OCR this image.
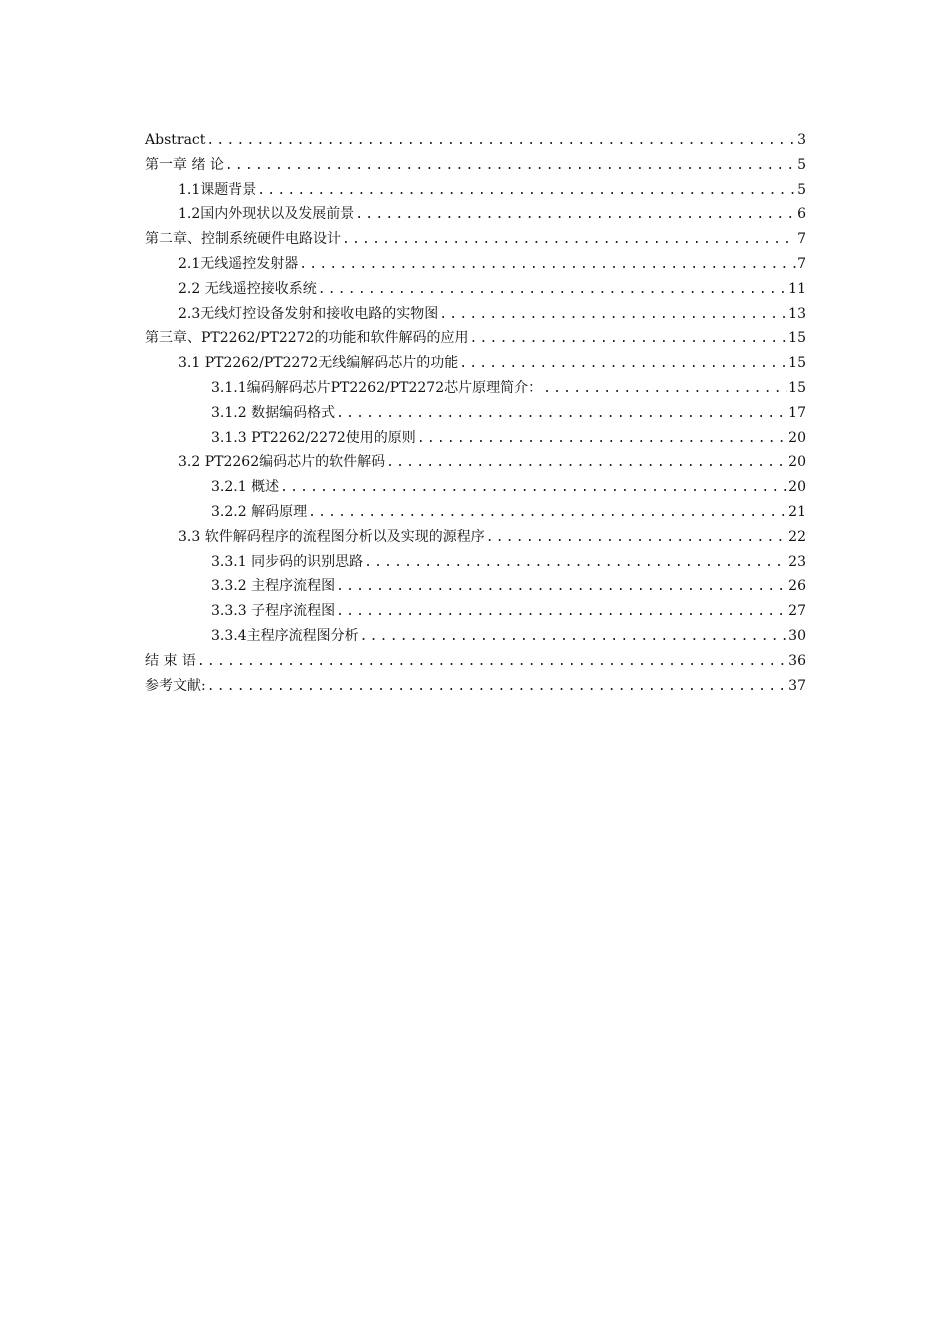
Abstract .....	3
第一章 绪 论 .....	5
1.1课题背景 .....	5
1.2国内外现状以及发展前景 .....	6
第二章、控制系统硬件电路设计 .....	7
2.1无线遥控发射器 .....	7
2.2 无线遥控接收系统 .....	11
2.3无线灯控设备发射和接收电路的实物图 .....	13
第三章、PT2262/PT2272的功能和软件解码的应用 .....	15
3.1 PT2262/PT2272无线编解码芯片的功能 .....	15
3.1.1编码解码芯片PT2262/PT2272芯片原理简介： .....	15
3.1.2 数据编码格式 .....	17
3.1.3 PT2262/2272使用的原则 .....	20
3.2 PT2262编码芯片的软件解码 .....	20
3.2.1 概述 .....	20
3.2.2 解码原理 .....	21
3.3 软件解码程序的流程图分析以及实现的源程序 .....	22
3.3.1 同步码的识别思路 .....	23
3.3.2 主程序流程图 .....	26
3.3.3 子程序流程图 .....	27
3.3.4主程序流程图分析 .....	30
结 束 语 .....	36
参考文献: .....	37
